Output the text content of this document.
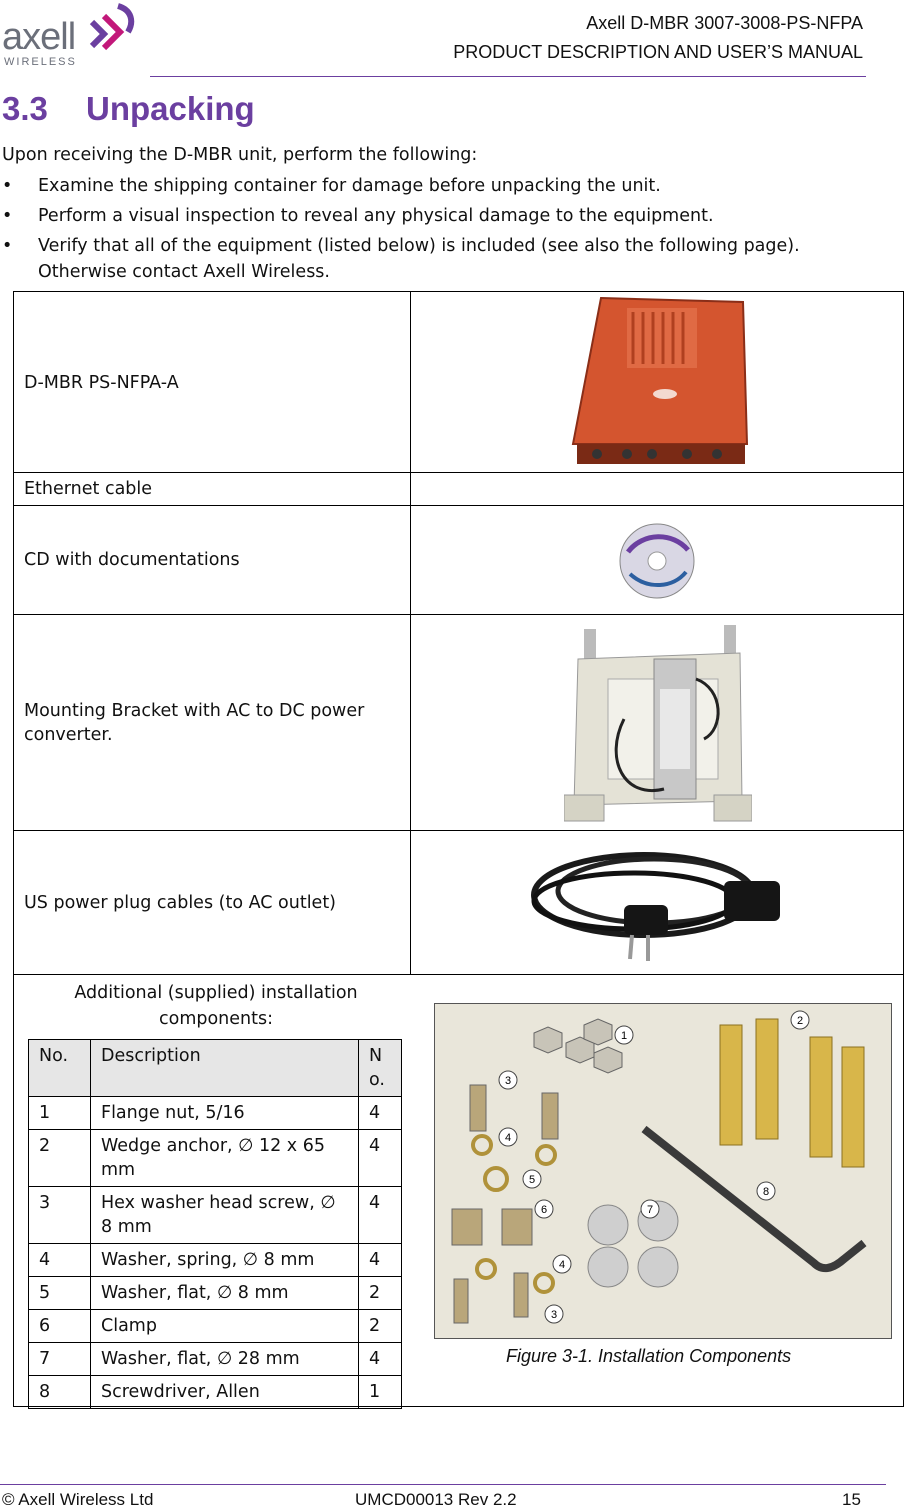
axell
WIRELESS
Axell D-MBR 3007-3008-PS-NFPA
PRODUCT DESCRIPTION AND USER’S MANUAL
3.3 Unpacking
Upon receiving the D-MBR unit, perform the following:
• Examine the shipping container for damage before unpacking the unit.
• Perform a visual inspection to reveal any physical damage to the equipment.
• Verify that all of the equipment (listed below) is included (see also the following page). Otherwise contact Axell Wireless.
D-MBR PS-NFPA-A
Ethernet cable
CD with documentations
Mounting Bracket with AC to DC power converter.
US power plug cables (to AC outlet)
Additional (supplied) installation components:
No.	Description	No.
1	Flange nut, 5/16	4
2	Wedge anchor, ∅ 12 x 65 mm	4
3	Hex washer head screw, ∅ 8 mm	4
4	Washer, spring, ∅ 8 mm	4
5	Washer, flat, ∅ 8 mm	2
6	Clamp	2
7	Washer, flat, ∅ 28 mm	4
8	Screwdriver, Allen	1
1
2
3
4
5
6	7
8
4
3
Figure 3-1. Installation Components
© Axell Wireless Ltd	UMCD00013 Rev 2.2	15
